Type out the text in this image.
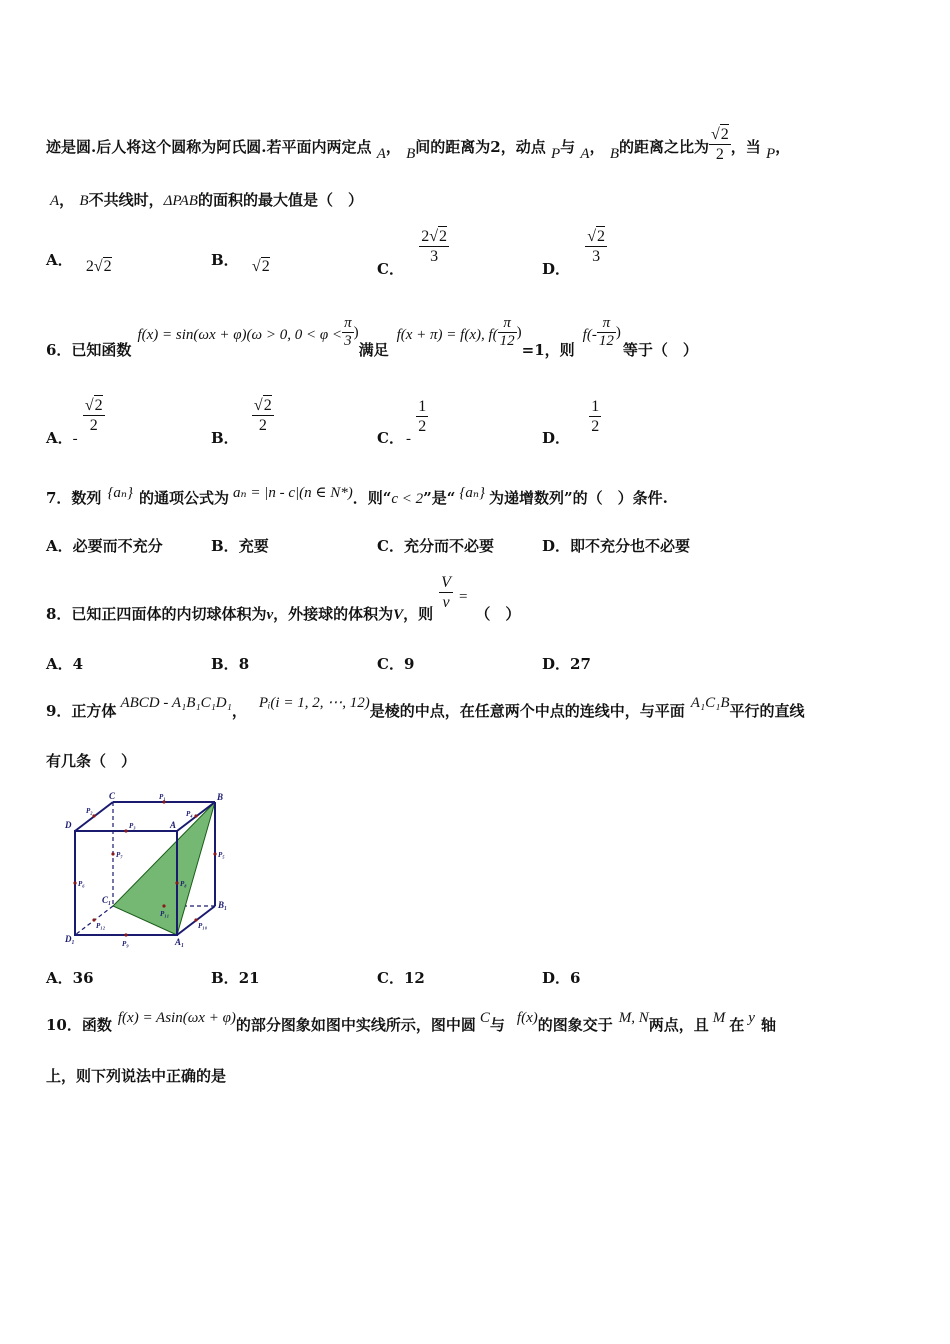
迹是圆.后人将这个圆称为阿氏圆.若平面内两定点 A， B间的距离为2，动点 P与 A， B的距离之比为 $\frac{√2}{2}$ ，当 P，
A， B不共线时，ΔPAB的面积的最大值是（　）
A． 2√2	B． √2	C．
$\frac{2√2}{3}$
D．
$\frac{√2}{3}$
6．已知函数f(x) = sin(ωx + φ)(ω > 0, $0 < \varphi < \frac{\pi}{3}$ )满足f(x + π) = f(x), $f( \frac{\pi}{12} )=1$，则$f(- \frac{\pi}{12}$ )等于（　）
A．-
$\frac{√2}{2}$
B．
$\frac{√2}{2}$
C． -
$\frac{1}{2}$
D．
$\frac{1}{2}$
7．数列 {aₙ} 的通项公式为 aₙ = |n - c|(n ∈ N*)．则“c < 2”是“ {aₙ} 为递增数列”的（　）条件.
A．必要而不充分	B．充要	C．充分而不必要	D．即不充分也不必要
8．已知正四面体的内切球体积为v，外接球的体积为V，则
$\frac{V}{v}$ =（　）
A．4	B．8	C．9	D．27
9．正方体 ABCD - A₁B₁C₁D₁， Pᵢ(i = 1, 2, ⋯, 12)是棱的中点，在任意两个中点的连线中，与平面 A₁C₁B平行的直线
有几条（　）
C	B
D	A
D₁	A₁
B₁
C₁
P₁
P₂
P₃
P₄
P₅
P₆
P₇
P₈
P₉
P₁₀
P₁₁
P₁₂
A．36	B．21	C．12	D．6
10．函数 f(x) = Asin(ωx + φ)的部分图象如图中实线所示，图中圆 C与 f(x)的图象交于 M, N两点，且 M 在 y 轴
上，则下列说法中正确的是
